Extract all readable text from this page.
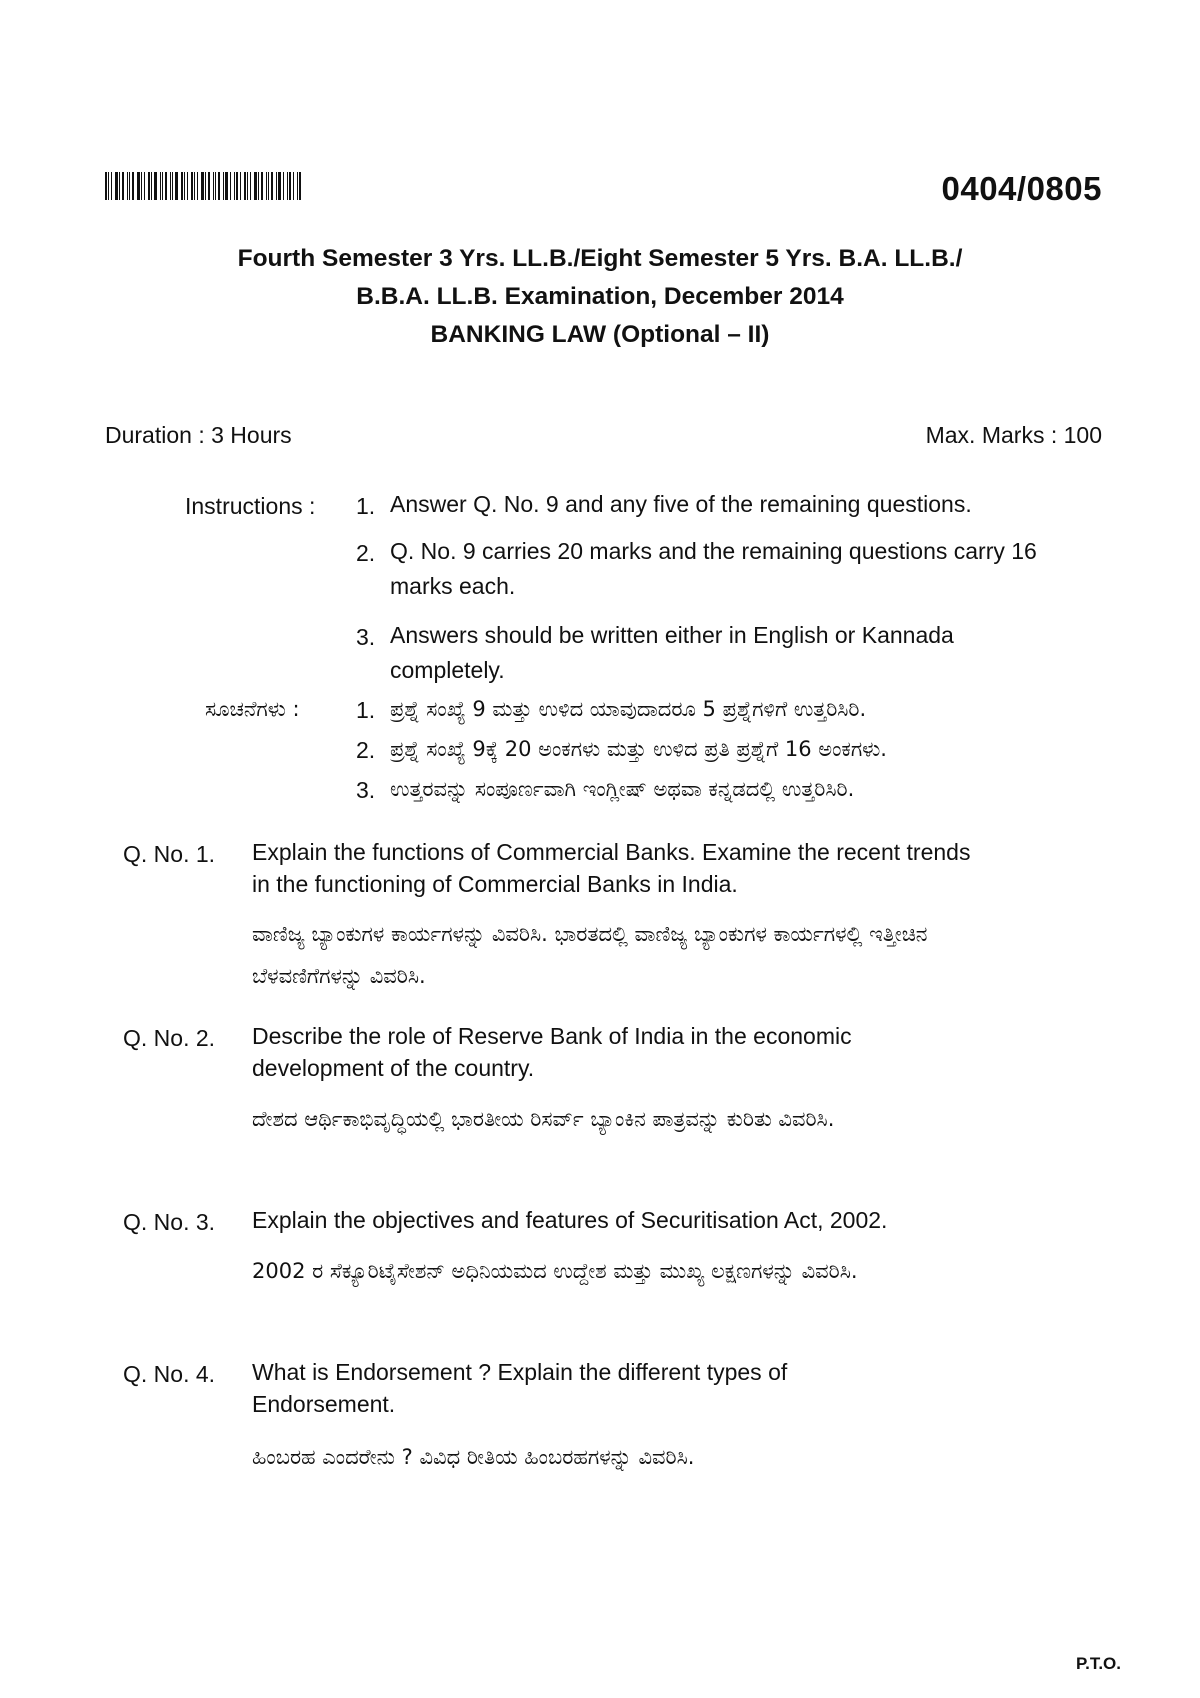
0404/0805
Fourth Semester 3 Yrs. LL.B./Eight Semester 5 Yrs. B.A. LL.B./
B.B.A. LL.B. Examination, December 2014
BANKING LAW (Optional – II)
Duration : 3 Hours	Max. Marks : 100
Instructions : 1. Answer Q. No. 9 and any five of the remaining questions.
2. Q. No. 9 carries 20 marks and the remaining questions carry 16 marks each.
3. Answers should be written either in English or Kannada completely.
ಸೂಚನೆಗಳು : 1. ಪ್ರಶ್ನೆ ಸಂಖ್ಯೆ 9 ಮತ್ತು ಉಳಿದ ಯಾವುದಾದರೂ 5 ಪ್ರಶ್ನೆಗಳಿಗೆ ಉತ್ತರಿಸಿರಿ.
2. ಪ್ರಶ್ನೆ ಸಂಖ್ಯೆ 9ಕ್ಕೆ 20 ಅಂಕಗಳು ಮತ್ತು ಉಳಿದ ಪ್ರತಿ ಪ್ರಶ್ನೆಗೆ 16 ಅಂಕಗಳು.
3. ಉತ್ತರವನ್ನು ಸಂಪೂರ್ಣವಾಗಿ ಇಂಗ್ಲೀಷ್ ಅಥವಾ ಕನ್ನಡದಲ್ಲಿ ಉತ್ತರಿಸಿರಿ.
Q. No. 1. Explain the functions of Commercial Banks. Examine the recent trends in the functioning of Commercial Banks in India.
ವಾಣಿಜ್ಯ ಬ್ಯಾಂಕುಗಳ ಕಾರ್ಯಗಳನ್ನು ವಿವರಿಸಿ. ಭಾರತದಲ್ಲಿ ವಾಣಿಜ್ಯ ಬ್ಯಾಂಕುಗಳ ಕಾರ್ಯಗಳಲ್ಲಿ ಇತ್ತೀಚಿನ ಬೆಳವಣಿಗೆಗಳನ್ನು ವಿವರಿಸಿ.
Q. No. 2. Describe the role of Reserve Bank of India in the economic development of the country.
ದೇಶದ ಆರ್ಥಿಕಾಭಿವೃದ್ಧಿಯಲ್ಲಿ ಭಾರತೀಯ ರಿಸರ್ವ್ ಬ್ಯಾಂಕಿನ ಪಾತ್ರವನ್ನು ಕುರಿತು ವಿವರಿಸಿ.
Q. No. 3. Explain the objectives and features of Securitisation Act, 2002.
2002 ರ ಸೆಕ್ಯೂರಿಟೈಸೇಶನ್ ಅಧಿನಿಯಮದ ಉದ್ದೇಶ ಮತ್ತು ಮುಖ್ಯ ಲಕ್ಷಣಗಳನ್ನು ವಿವರಿಸಿ.
Q. No. 4. What is Endorsement ? Explain the different types of Endorsement.
ಹಿಂಬರಹ ಎಂದರೇನು ? ವಿವಿಧ ರೀತಿಯ ಹಿಂಬರಹಗಳನ್ನು ವಿವರಿಸಿ.
P.T.O.
